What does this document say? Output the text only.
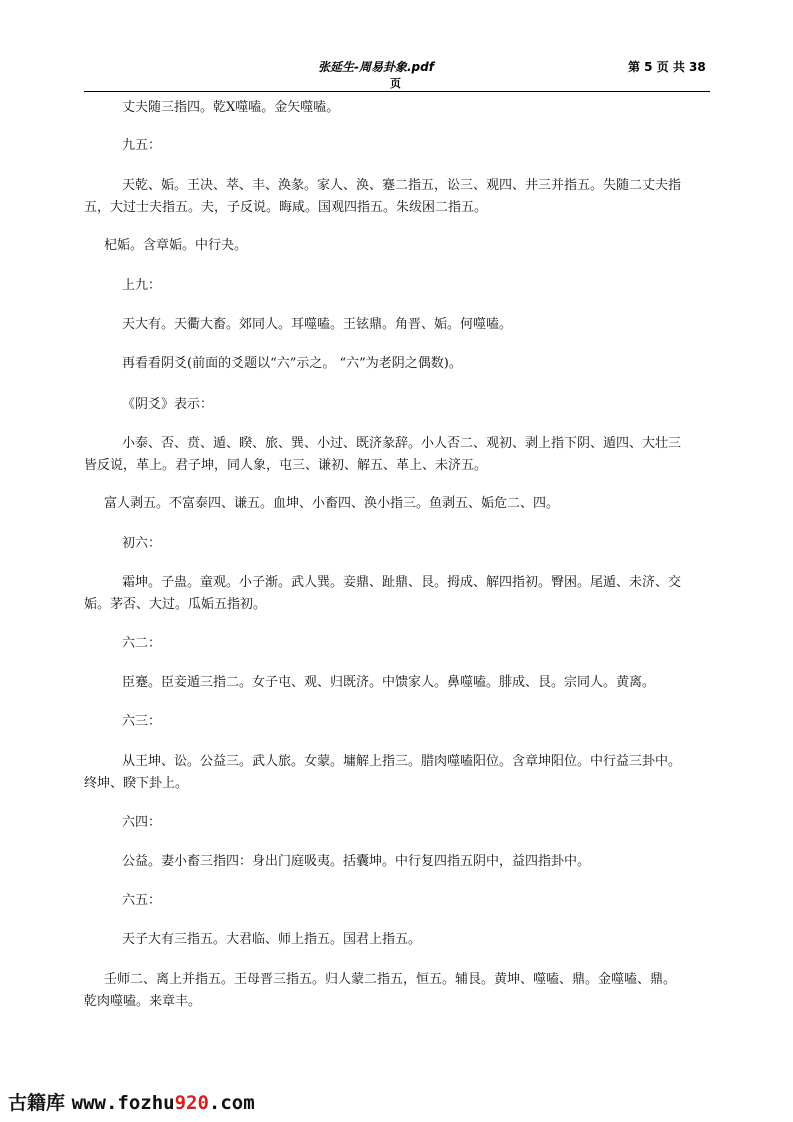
张延生-周易卦象.pdf	第 5 页 共 38
页
丈夫随三指四。乾Ⅹ噬嗑。金矢噬嗑。
九五：
天乾、姤。王决、萃、丰、涣彖。家人、涣、蹇二指五，讼三、观四、井三并指五。失随二丈夫指
五，大过士夫指五。夫，子反说。晦咸。国观四指五。朱绂困二指五。
杞姤。含章姤。中行夬。
上九：
天大有。天衢大畜。郊同人。耳噬嗑。王铉鼎。角晋、姤。何噬嗑。
再看看阴爻(前面的爻题以“六”示之。 “六”为老阴之偶数)。
《阴爻》表示：
小泰、否、贲、遁、睽、旅、巽、小过、既济彖辞。小人否二、观初、剥上指下阴、遁四、大壮三
皆反说，革上。君子坤，同人象，屯三、谦初、解五、革上、未济五。
富人剥五。不富泰四、谦五。血坤、小畜四、涣小指三。鱼剥五、姤危二、四。
初六：
霜坤。子蛊。童观。小子渐。武人巽。妾鼎、趾鼎、艮。拇成、解四指初。臀困。尾遁、未济、交
姤。茅否、大过。瓜姤五指初。
六二：
臣蹇。臣妾遁三指二。女子屯、观、归既济。中馈家人。鼻噬嗑。腓成、艮。宗同人。黄离。
六三：
从王坤、讼。公益三。武人旅。女蒙。墉解上指三。腊肉噬嗑阳位。含章坤阳位。中行益三卦中。
终坤、睽下卦上。
六四：
公益。妻小畜三指四：身出门庭吸夷。括囊坤。中行复四指五阴中，益四指卦中。
六五：
天子大有三指五。大君临、师上指五。国君上指五。
壬师二、离上并指五。王母晋三指五。归人蒙二指五，恒五。辅艮。黄坤、噬嗑、鼎。金噬嗑、鼎。
乾肉噬嗑。来章丰。
古籍库 www.fozhu920.com
